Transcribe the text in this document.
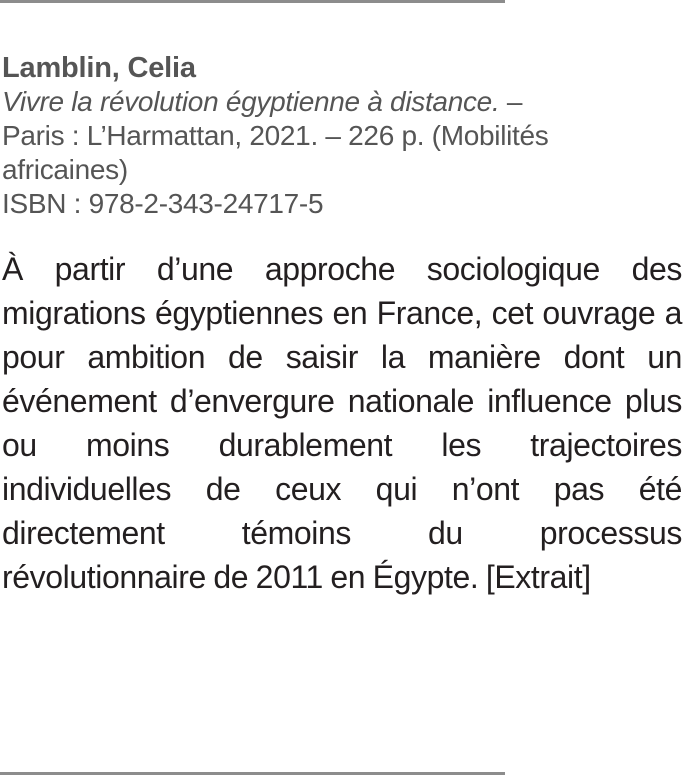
Lamblin, Celia
Vivre la révolution égyptienne à distance. –
Paris : L’Harmattan, 2021. – 226 p. (Mobilités africaines)
ISBN : 978-2-343-24717-5
À partir d’une approche sociologique des migrations égyptiennes en France, cet ouvrage a pour ambition de saisir la manière dont un événement d’envergure nationale influence plus ou moins durablement les trajectoires individuelles de ceux qui n’ont pas été directement témoins du processus révolutionnaire de 2011 en Égypte. [Extrait]
